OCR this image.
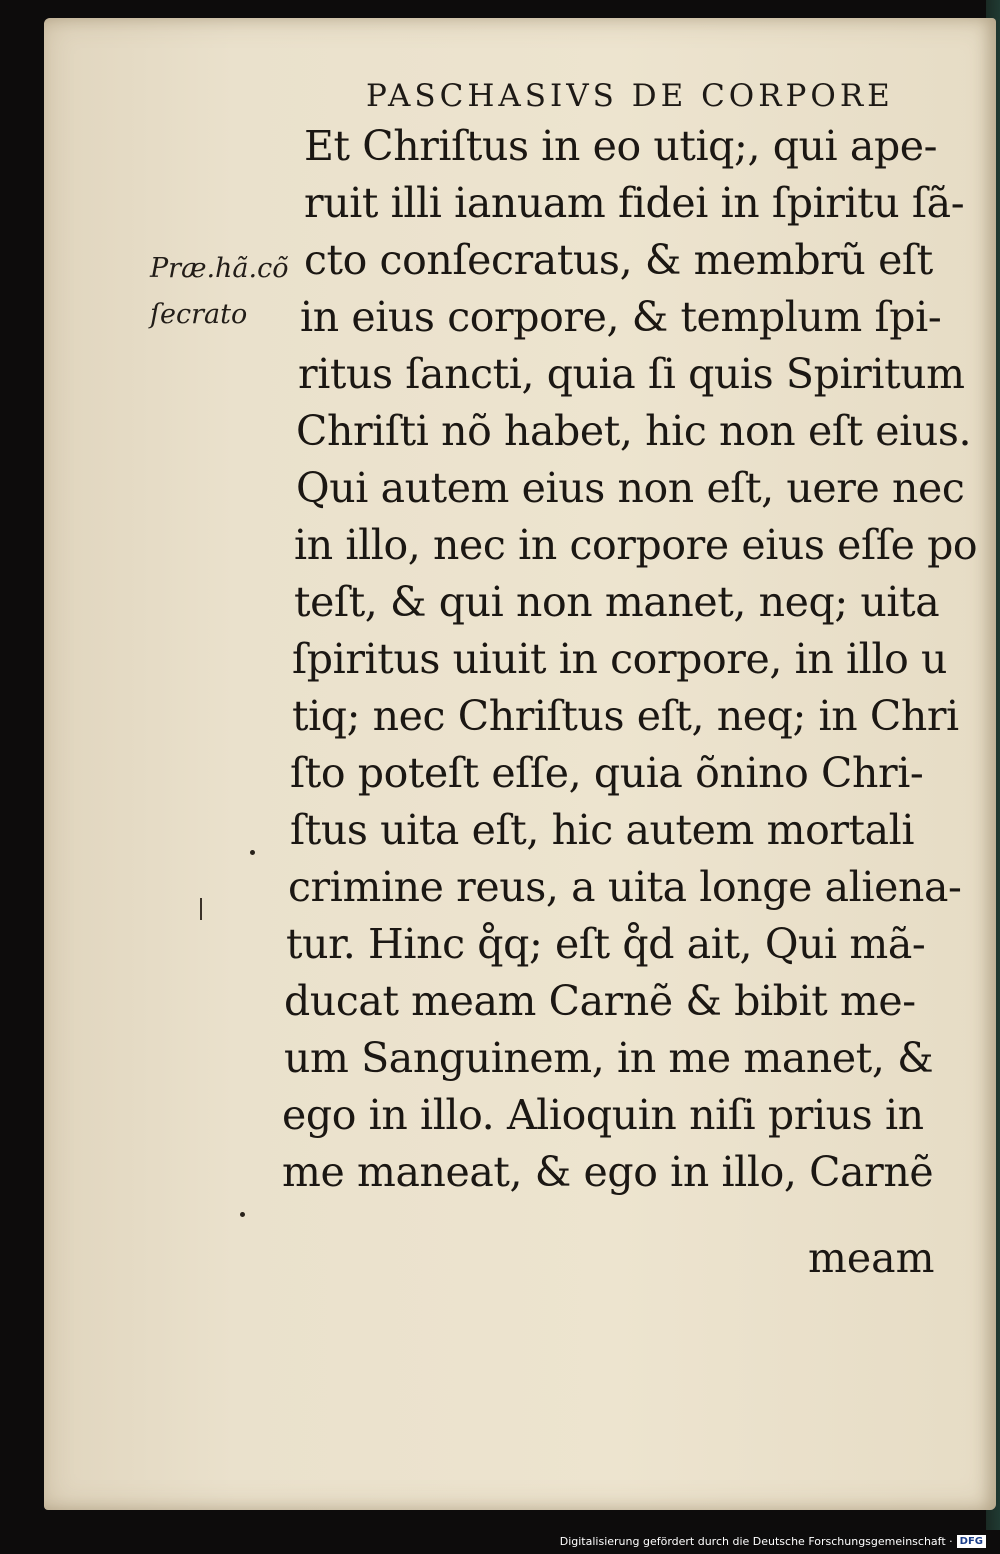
PASCHASIVS DE CORPORE
Præ.hã.cõ
ſecrato
Et Chriſtus in eo utiq;, qui ape-
ruit illi ianuam fidei in ſpiritu ſã-
cto conſecratus, & membrũ eſt
in eius corpore, & templum ſpi-
ritus ſancti, quia ſi quis Spiritum
Chriſti nõ habet, hic non eſt eius.
Qui autem eius non eſt, uere nec
in illo, nec in corpore eius eſſe po
teſt, & qui non manet, neq; uita
ſpiritus uiuit in corpore, in illo u
tiq; nec Chriſtus eſt, neq; in Chri
ſto poteſt eſſe, quia õnino Chri-
ſtus uita eſt, hic autem mortali
crimine reus, a uita longe aliena-
tur. Hinc q̊q; eſt q̊d ait, Qui mã-
ducat meam Carnẽ & bibit me-
um Sanguinem, in me manet, &
ego in illo. Alioquin niſi prius in
me maneat, & ego in illo, Carnẽ
meam
Digitalisierung gefördert durch die Deutsche Forschungsgemeinschaft · DFG
